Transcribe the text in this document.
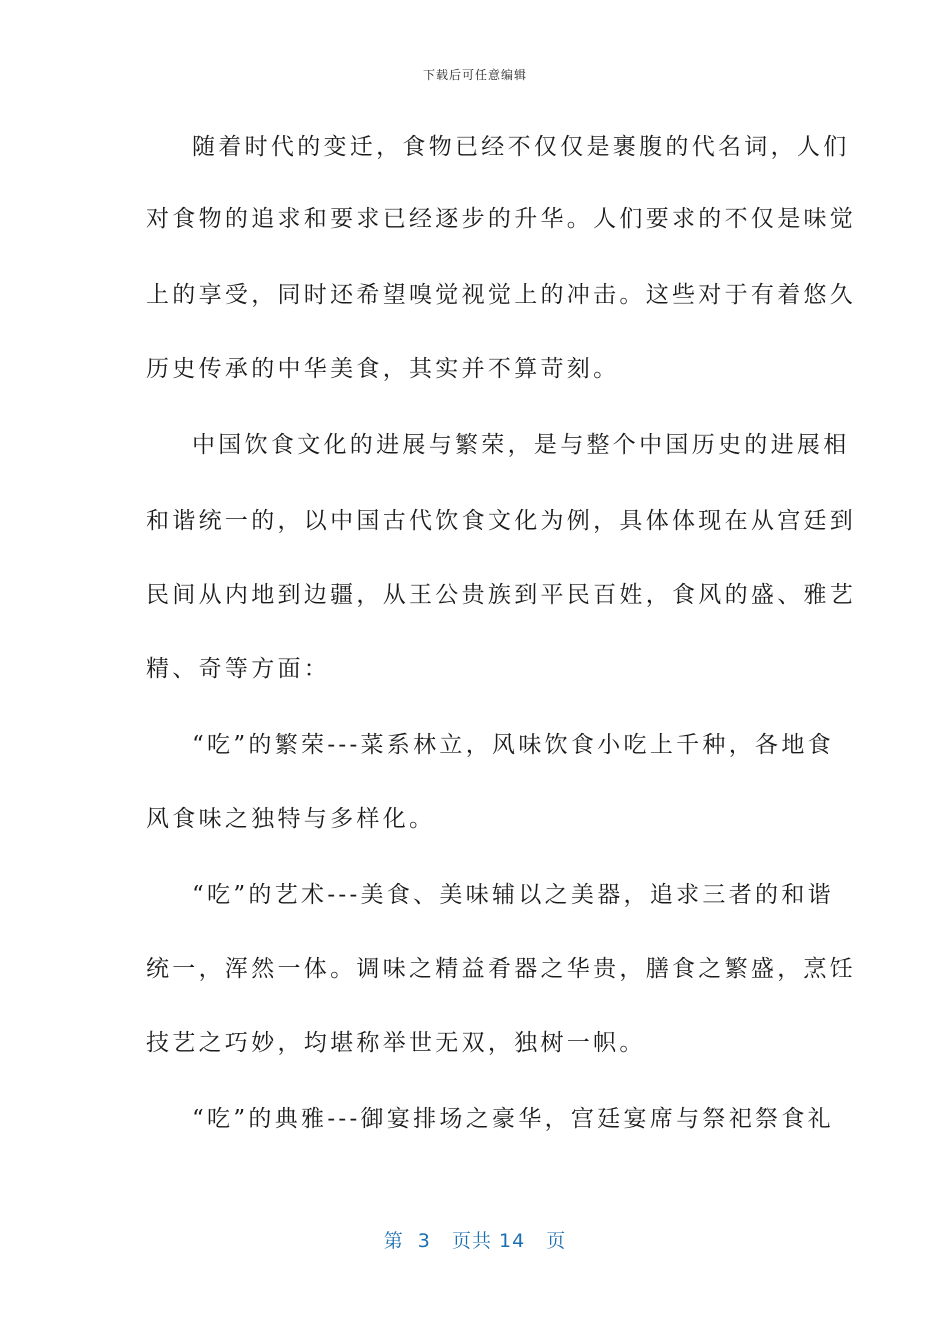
下载后可任意编辑
随着时代的变迁，食物已经不仅仅是裹腹的代名词，人们
对食物的追求和要求已经逐步的升华。人们要求的不仅是味觉
上的享受，同时还希望嗅觉视觉上的冲击。这些对于有着悠久
历史传承的中华美食，其实并不算苛刻。
中国饮食文化的进展与繁荣，是与整个中国历史的进展相
和谐统一的，以中国古代饮食文化为例，具体体现在从宫廷到
民间从内地到边疆，从王公贵族到平民百姓，食风的盛、雅艺
精、奇等方面：
“吃”的繁荣---菜系林立，风味饮食小吃上千种，各地食
风食味之独特与多样化。
“吃”的艺术---美食、美味辅以之美器，追求三者的和谐
统一，浑然一体。调味之精益肴器之华贵，膳食之繁盛，烹饪
技艺之巧妙，均堪称举世无双，独树一帜。
“吃”的典雅---御宴排场之豪华，宫廷宴席与祭祀祭食礼
第  3   页共 14   页
